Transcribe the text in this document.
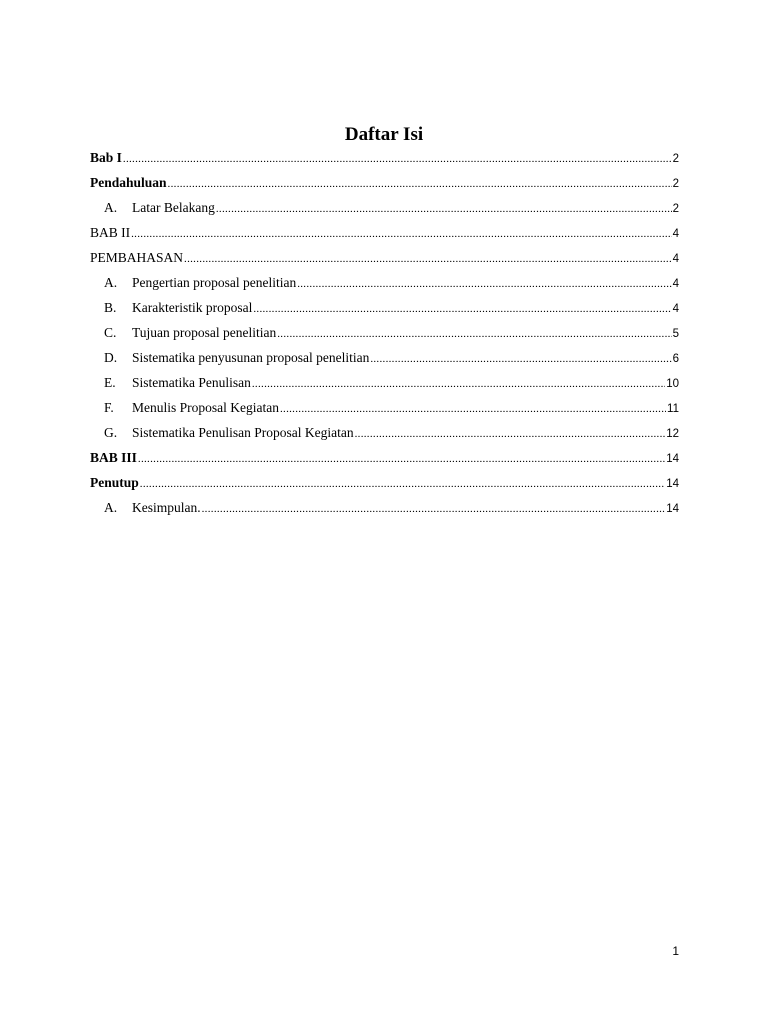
Daftar Isi
Bab I .....	2
Pendahuluan .....	2
A.	Latar Belakang .....	2
BAB II .....	4
PEMBAHASAN .....	4
A.	Pengertian proposal penelitian .....	4
B.	Karakteristik proposal .....	4
C.	Tujuan proposal penelitian .....	5
D.	Sistematika penyusunan proposal penelitian .....	6
E.	Sistematika Penulisan .....	10
F.	Menulis Proposal Kegiatan .....	11
G.	Sistematika Penulisan Proposal Kegiatan .....	12
BAB III .....	14
Penutup .....	14
A.	Kesimpulan. .....	14
1
